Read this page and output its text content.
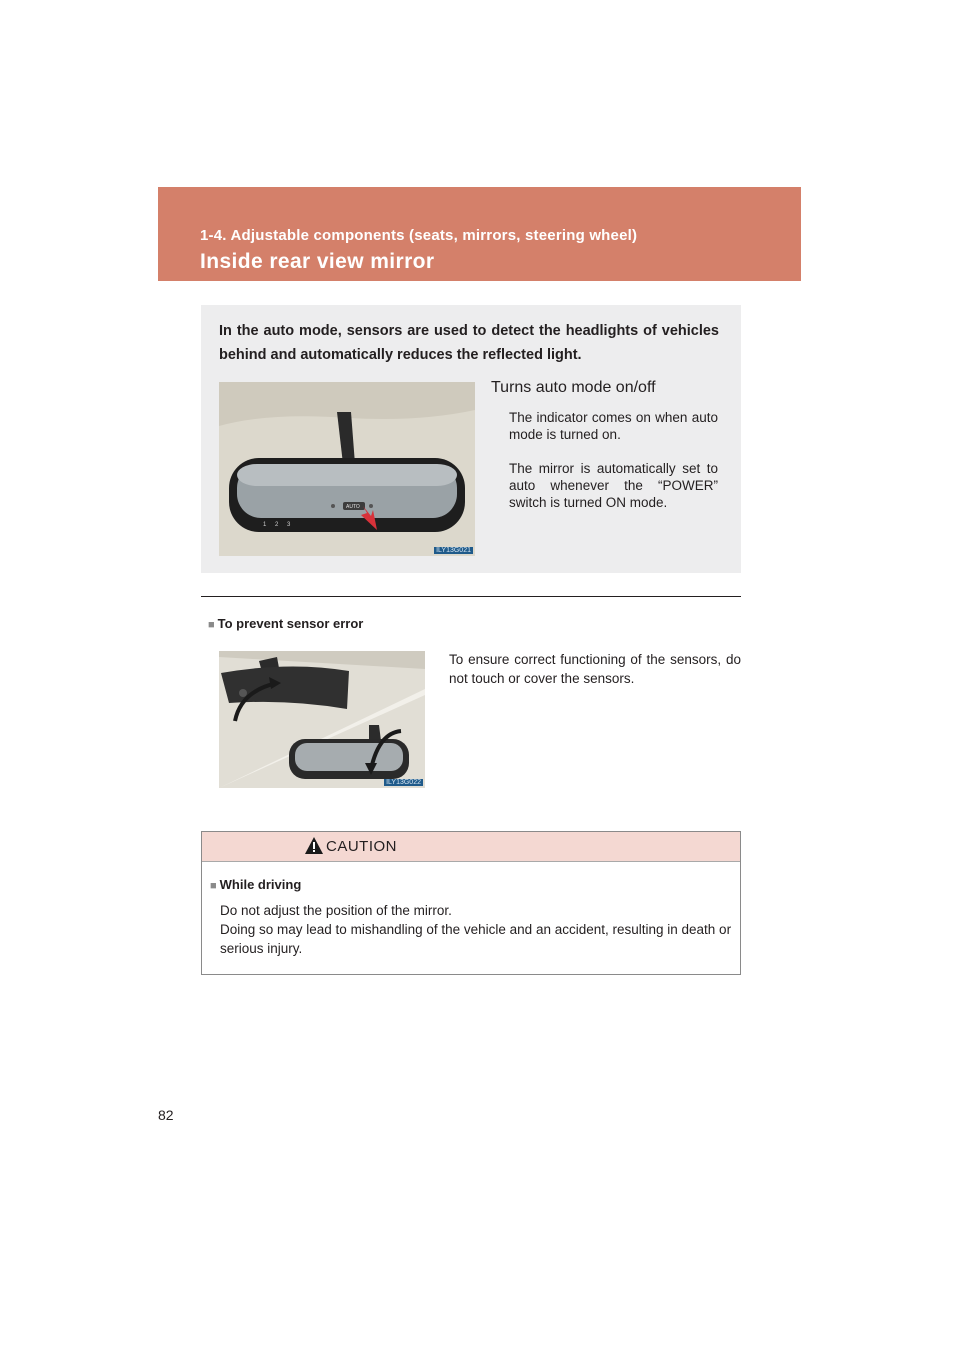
1-4. Adjustable components (seats, mirrors, steering wheel)
Inside rear view mirror
In the auto mode, sensors are used to detect the headlights of vehicles behind and automatically reduces the reflected light.
1 2 3
AUTO
ILY13G021
Turns auto mode on/off
The indicator comes on when auto mode is turned on.
The mirror is automatically set to auto whenever the “POWER” switch is turned ON mode.
■ To prevent sensor error
ILY13G022
To ensure correct functioning of the sensors, do not touch or cover the sensors.
CAUTION
■ While driving
Do not adjust the position of the mirror.
Doing so may lead to mishandling of the vehicle and an accident, resulting in death or serious injury.
82
